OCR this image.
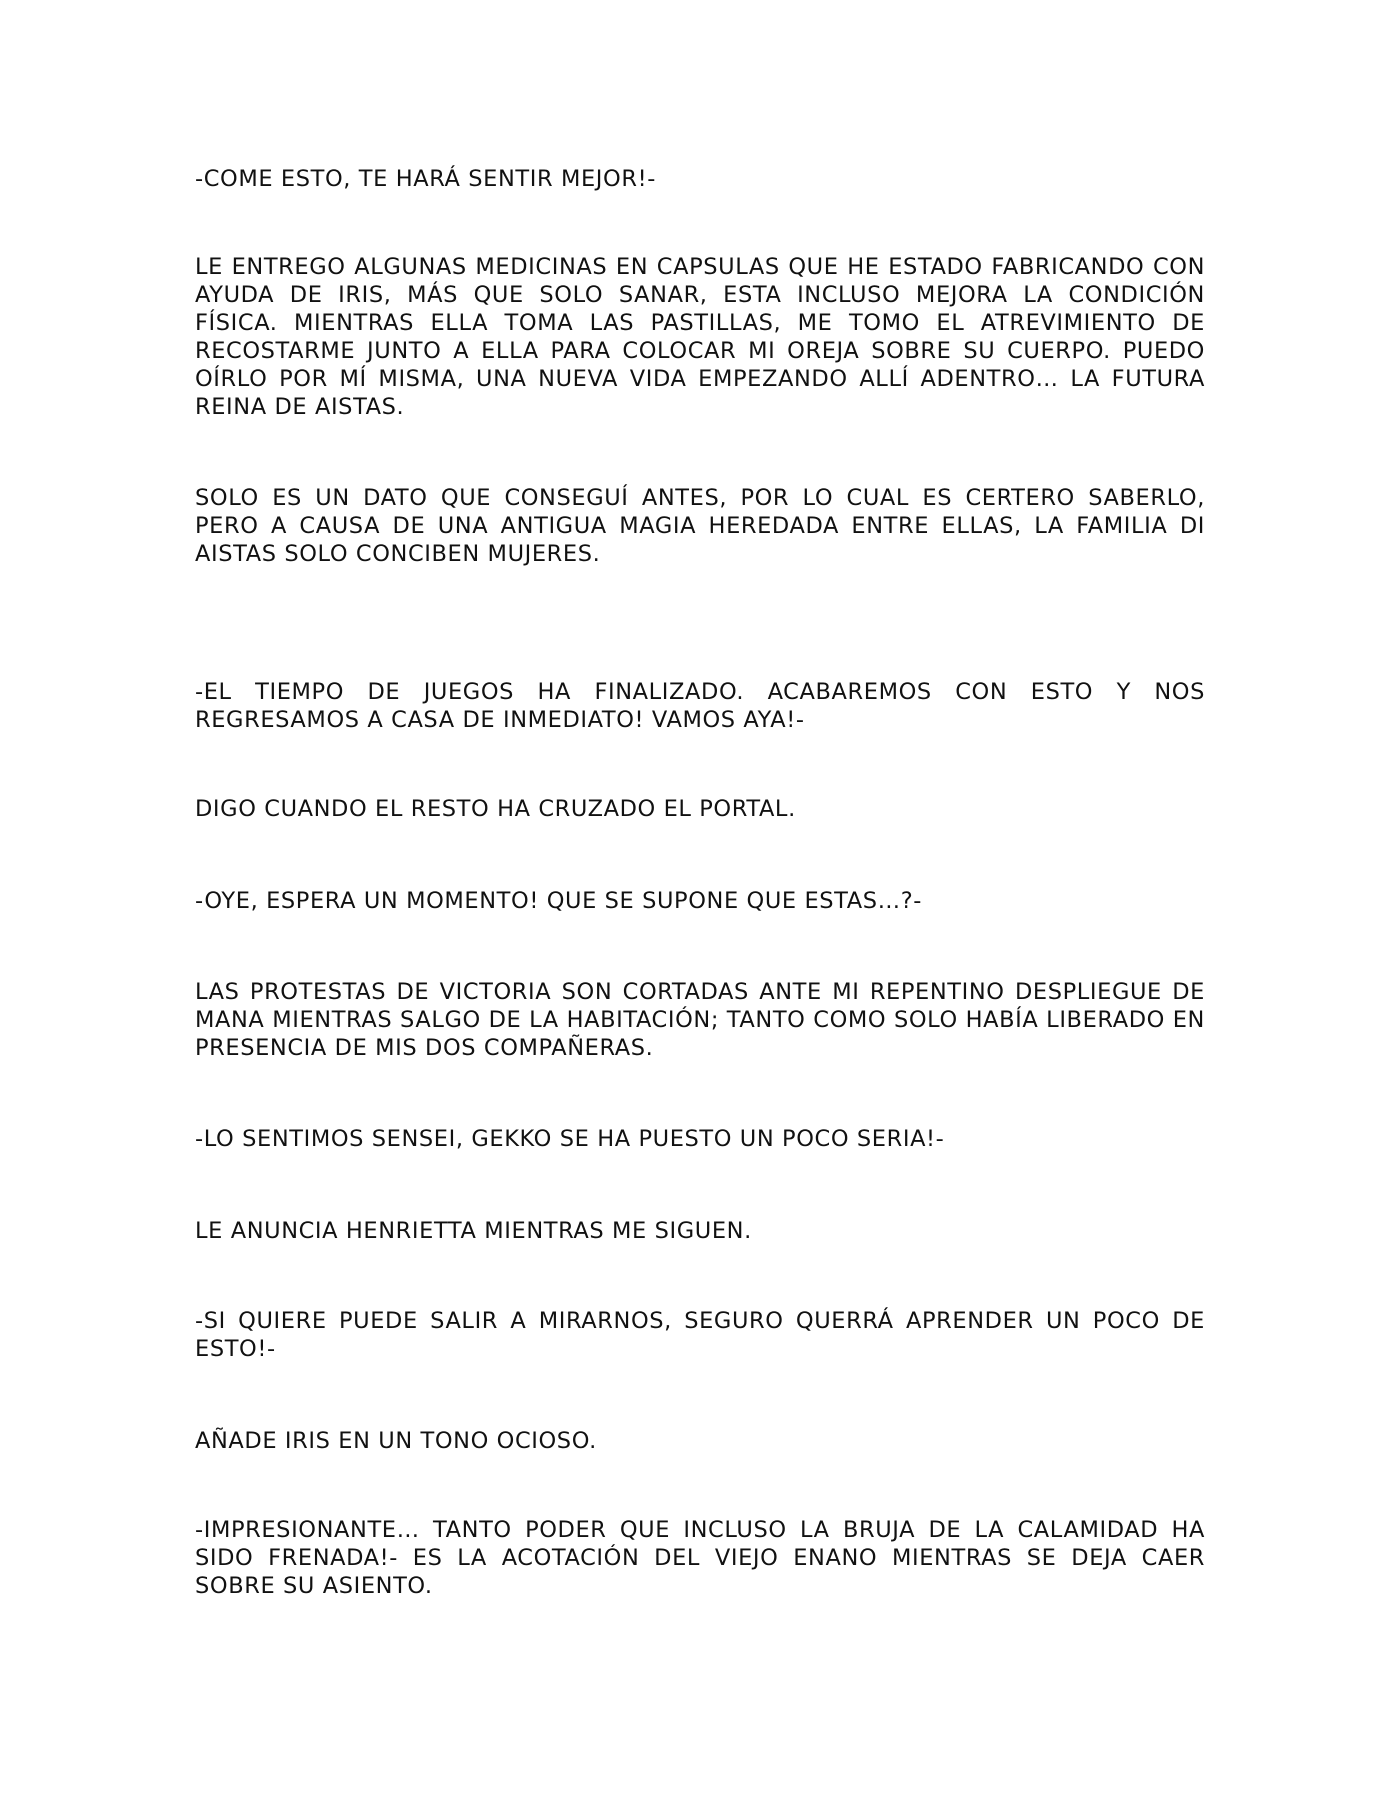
-COME ESTO, TE HARÁ SENTIR MEJOR!-

LE ENTREGO ALGUNAS MEDICINAS EN CAPSULAS QUE HE ESTADO FABRICANDO CON AYUDA DE IRIS, MÁS QUE SOLO SANAR, ESTA INCLUSO MEJORA LA CONDICIÓN FÍSICA. MIENTRAS ELLA TOMA LAS PASTILLAS, ME TOMO EL ATREVIMIENTO DE RECOSTARME JUNTO A ELLA PARA COLOCAR MI OREJA SOBRE SU CUERPO. PUEDO OÍRLO POR MÍ MISMA, UNA NUEVA VIDA EMPEZANDO ALLÍ ADENTRO… LA FUTURA REINA DE AISTAS.

SOLO ES UN DATO QUE CONSEGUÍ ANTES, POR LO CUAL ES CERTERO SABERLO, PERO A CAUSA DE UNA ANTIGUA MAGIA HEREDADA ENTRE ELLAS, LA FAMILIA DI AISTAS SOLO CONCIBEN MUJERES.

-EL TIEMPO DE JUEGOS HA FINALIZADO. ACABAREMOS CON ESTO Y NOS REGRESAMOS A CASA DE INMEDIATO! VAMOS AYA!-

DIGO CUANDO EL RESTO HA CRUZADO EL PORTAL.

-OYE, ESPERA UN MOMENTO! QUE SE SUPONE QUE ESTAS…?-

LAS PROTESTAS DE VICTORIA SON CORTADAS ANTE MI REPENTINO DESPLIEGUE DE MANA MIENTRAS SALGO DE LA HABITACIÓN; TANTO COMO SOLO HABÍA LIBERADO EN PRESENCIA DE MIS DOS COMPAÑERAS.

-LO SENTIMOS SENSEI, GEKKO SE HA PUESTO UN POCO SERIA!-

LE ANUNCIA HENRIETTA MIENTRAS ME SIGUEN.

-SI QUIERE PUEDE SALIR A MIRARNOS, SEGURO QUERRÁ APRENDER UN POCO DE ESTO!-

AÑADE IRIS EN UN TONO OCIOSO.

-IMPRESIONANTE… TANTO PODER QUE INCLUSO LA BRUJA DE LA CALAMIDAD HA SIDO FRENADA!- ES LA ACOTACIÓN DEL VIEJO ENANO MIENTRAS SE DEJA CAER SOBRE SU ASIENTO.
